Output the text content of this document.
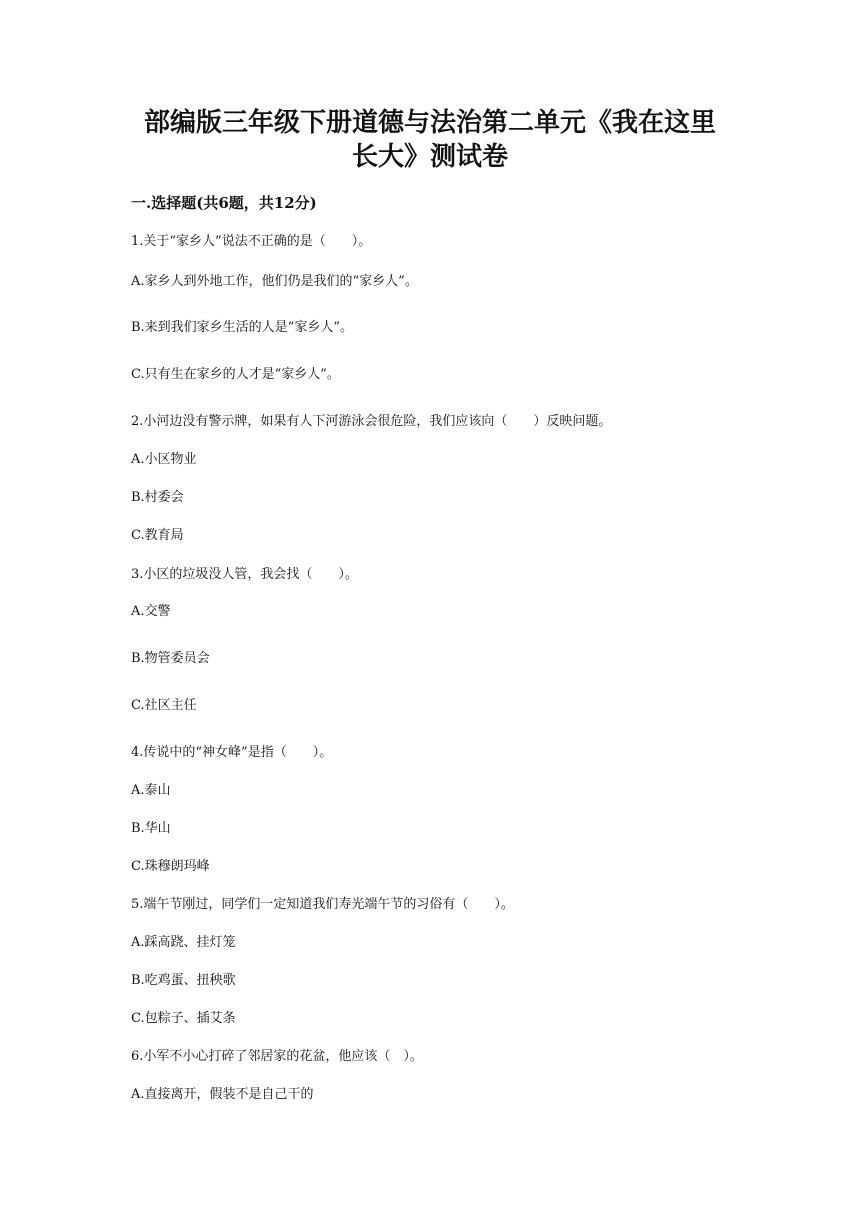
部编版三年级下册道德与法治第二单元《我在这里
长大》测试卷
一.选择题(共6题，共12分)

1.关于“家乡人”说法不正确的是（　　）。

A.家乡人到外地工作，他们仍是我们的“家乡人”。

B.来到我们家乡生活的人是“家乡人”。

C.只有生在家乡的人才是“家乡人”。

2.小河边没有警示牌，如果有人下河游泳会很危险，我们应该向（　　）反映问题。

A.小区物业

B.村委会

C.教育局

3.小区的垃圾没人管，我会找（　　）。

A.交警

B.物管委员会

C.社区主任

4.传说中的“神女峰”是指（　　）。

A.泰山

B.华山

C.珠穆朗玛峰

5.端午节刚过，同学们一定知道我们寿光端午节的习俗有（　　）。

A.踩高跷、挂灯笼

B.吃鸡蛋、扭秧歌

C.包粽子、插艾条

6.小军不小心打碎了邻居家的花盆，他应该（　）。

A.直接离开，假装不是自己干的
